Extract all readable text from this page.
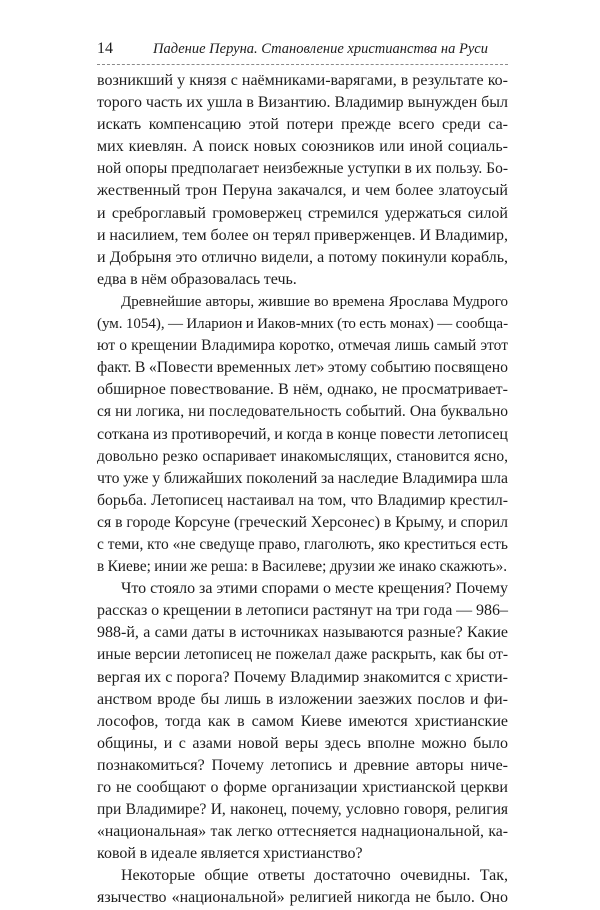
14	Падение Перуна. Становление христианства на Руси
возникший у князя с наёмниками-варягами, в результате ко-
торого часть их ушла в Византию. Владимир вынужден был
искать компенсацию этой потери прежде всего среди са-
мих киевлян. А поиск новых союзников или иной социаль-
ной опоры предполагает неизбежные уступки в их пользу. Бо-
жественный трон Перуна закачался, и чем более златоусый
и среброглавый громовержец стремился удержаться силой
и насилием, тем более он терял приверженцев. И Владимир,
и Добрыня это отлично видели, а потому покинули корабль,
едва в нём образовалась течь.
Древнейшие авторы, жившие во времена Ярослава Мудрого
(ум. 1054), — Иларион и Иаков-мних (то есть монах) — сообща-
ют о крещении Владимира коротко, отмечая лишь самый этот
факт. В «Повести временных лет» этому событию посвящено
обширное повествование. В нём, однако, не просматривает-
ся ни логика, ни последовательность событий. Она буквально
соткана из противоречий, и когда в конце повести летописец
довольно резко оспаривает инакомыслящих, становится ясно,
что уже у ближайших поколений за наследие Владимира шла
борьба. Летописец настаивал на том, что Владимир крестил-
ся в городе Корсуне (греческий Херсонес) в Крыму, и спорил
с теми, кто «не сведуще право, глаголють, яко креститься есть
в Киеве; инии же реша: в Василеве; друзии же инако скажють».
Что стояло за этими спорами о месте крещения? Почему
рассказ о крещении в летописи растянут на три года — 986–
988-й, а сами даты в источниках называются разные? Какие
иные версии летописец не пожелал даже раскрыть, как бы от-
вергая их с порога? Почему Владимир знакомится с христи-
анством вроде бы лишь в изложении заезжих послов и фи-
лософов, тогда как в самом Киеве имеются христианские
общины, и с азами новой веры здесь вполне можно было
познакомиться? Почему летопись и древние авторы ниче-
го не сообщают о форме организации христианской церкви
при Владимире? И, наконец, почему, условно говоря, религия
«национальная» так легко оттесняется наднациональной, ка-
ковой в идеале является христианство?
Некоторые общие ответы достаточно очевидны. Так,
язычество «национальной» религией никогда не было. Оно
